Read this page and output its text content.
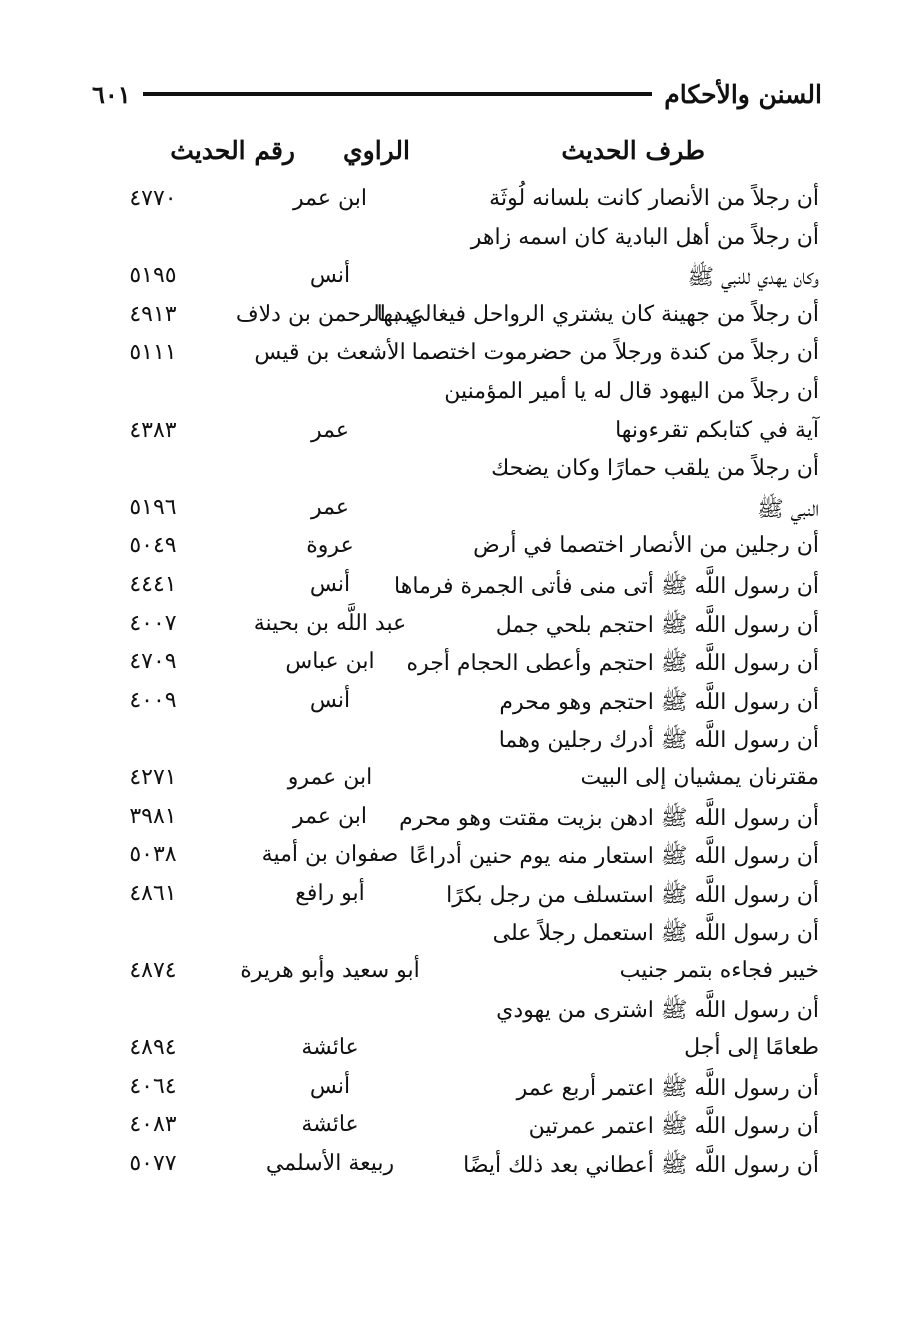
السنن والأحكام
٦٠١
طرف الحديث
الراوي
رقم الحديث
أن رجلاً من الأنصار كانت بلسانه لُوثَة
ابن عمر
٤٧٧٠
أن رجلاً من أهل البادية كان اسمه زاهر
وكان يهدي للنبي ﷺ
أنس
٥١٩٥
أن رجلاً من جهينة كان يشتري الرواحل فيغالي بها
عبد الرحمن بن دلاف
٤٩١٣
أن رجلاً من كندة ورجلاً من حضرموت اختصما
الأشعث بن قيس
٥١١١
أن رجلاً من اليهود قال له يا أمير المؤمنين
آية في كتابكم تقرءونها
عمر
٤٣٨٣
أن رجلاً من يلقب حمارًا وكان يضحك
النبي ﷺ
عمر
٥١٩٦
أن رجلين من الأنصار اختصما في أرض
عروة
٥٠٤٩
أن رسول اللَّه ﷺ أتى منى فأتى الجمرة فرماها
أنس
٤٤٤١
أن رسول اللَّه ﷺ احتجم بلحي جمل
عبد اللَّه بن بحينة
٤٠٠٧
أن رسول اللَّه ﷺ احتجم وأعطى الحجام أجره
ابن عباس
٤٧٠٩
أن رسول اللَّه ﷺ احتجم وهو محرم
أنس
٤٠٠٩
أن رسول اللَّه ﷺ أدرك رجلين وهما
مقترنان يمشيان إلى البيت
ابن عمرو
٤٢٧١
أن رسول اللَّه ﷺ ادهن بزيت مقتت وهو محرم
ابن عمر
٣٩٨١
أن رسول اللَّه ﷺ استعار منه يوم حنين أدراعًا
صفوان بن أمية
٥٠٣٨
أن رسول اللَّه ﷺ استسلف من رجل بكرًا
أبو رافع
٤٨٦١
أن رسول اللَّه ﷺ استعمل رجلاً على
خيبر فجاءه بتمر جنيب
أبو سعيد وأبو هريرة
٤٨٧٤
أن رسول اللَّه ﷺ اشترى من يهودي
طعامًا إلى أجل
عائشة
٤٨٩٤
أن رسول اللَّه ﷺ اعتمر أربع عمر
أنس
٤٠٦٤
أن رسول اللَّه ﷺ اعتمر عمرتين
عائشة
٤٠٨٣
أن رسول اللَّه ﷺ أعطاني بعد ذلك أيضًا
ربيعة الأسلمي
٥٠٧٧
